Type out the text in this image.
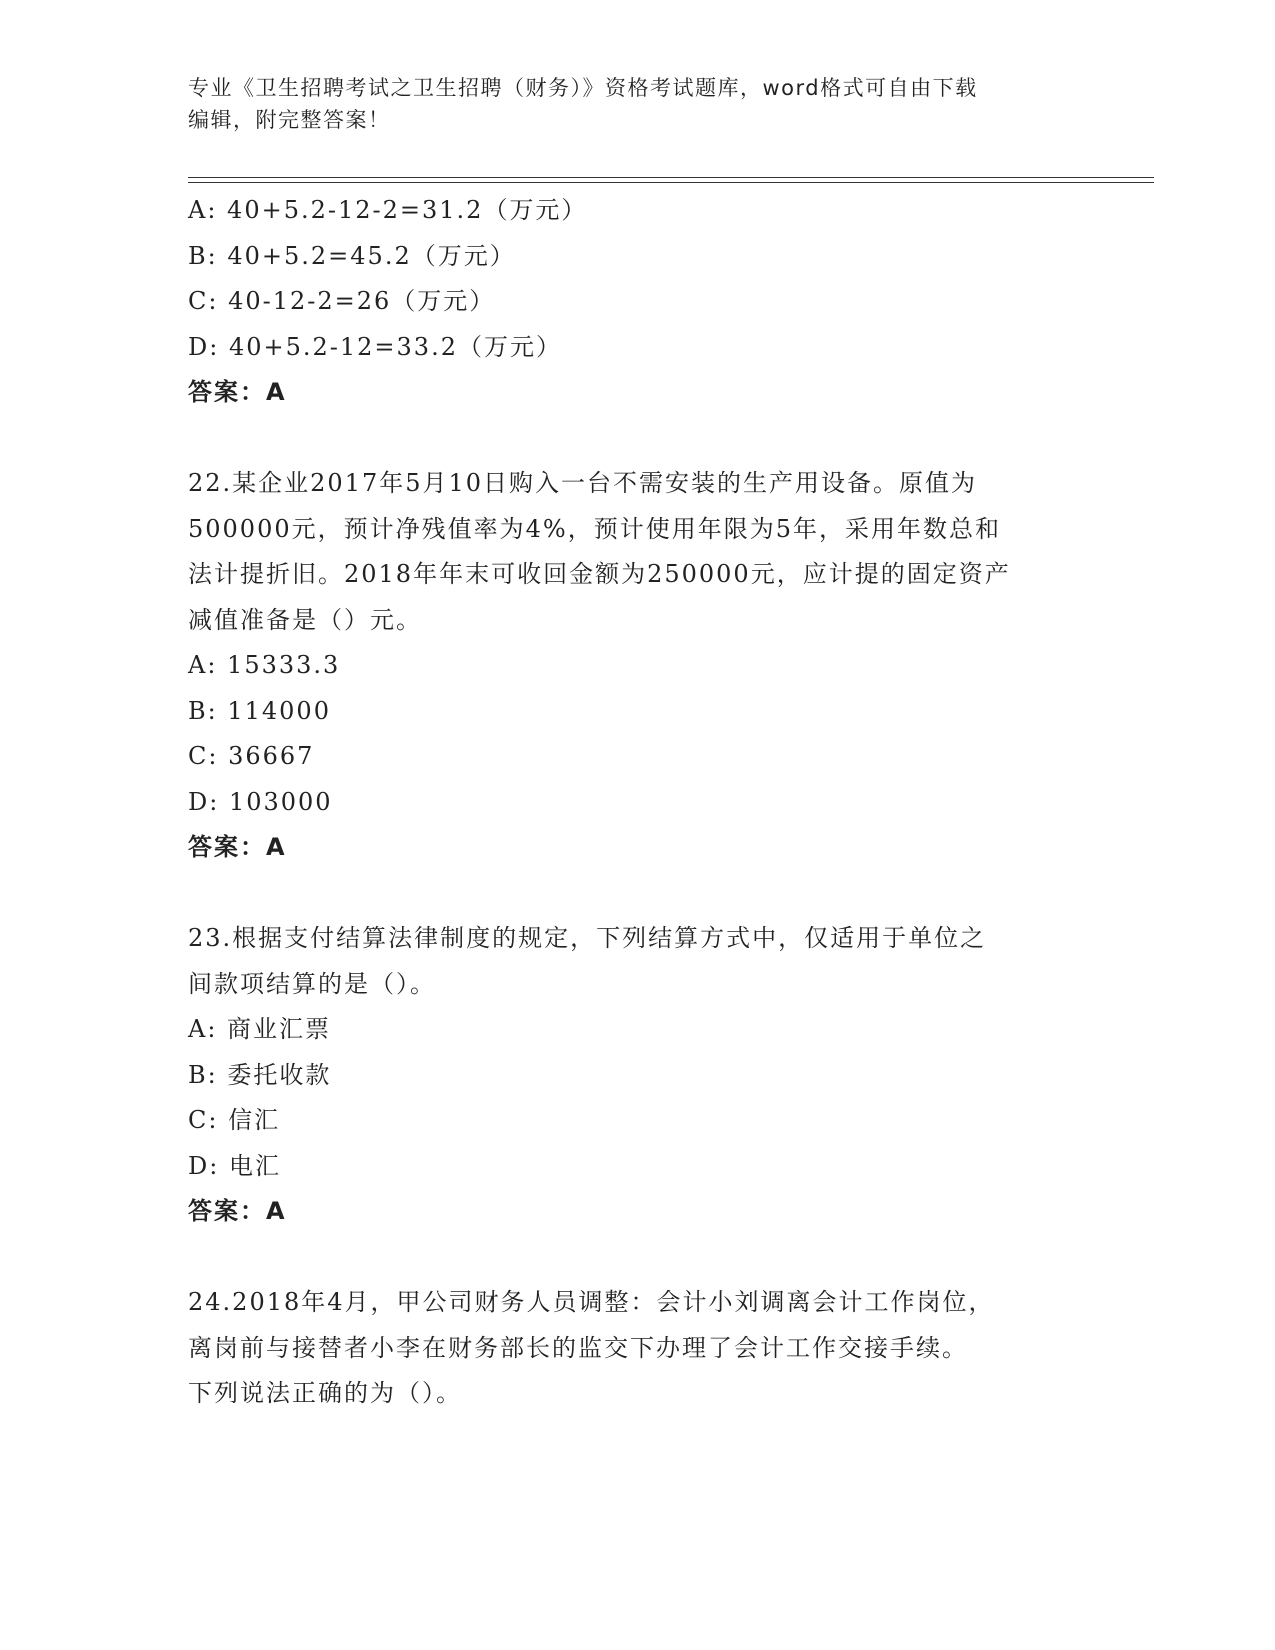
专业《卫生招聘考试之卫生招聘（财务）》资格考试题库，word格式可自由下载
编辑，附完整答案！
A: 40+5.2-12-2=31.2（万元）
B: 40+5.2=45.2（万元）
C: 40-12-2=26（万元）
D: 40+5.2-12=33.2（万元）
答案：A
22.某企业2017年5月10日购入一台不需安装的生产用设备。原值为
500000元，预计净残值率为4%，预计使用年限为5年，采用年数总和
法计提折旧。2018年年末可收回金额为250000元，应计提的固定资产
减值准备是（）元。
A: 15333.3
B: 114000
C: 36667
D: 103000
答案：A
23.根据支付结算法律制度的规定，下列结算方式中，仅适用于单位之
间款项结算的是（）。
A: 商业汇票
B: 委托收款
C: 信汇
D: 电汇
答案：A
24.2018年4月，甲公司财务人员调整：会计小刘调离会计工作岗位，
离岗前与接替者小李在财务部长的监交下办理了会计工作交接手续。
下列说法正确的为（）。
